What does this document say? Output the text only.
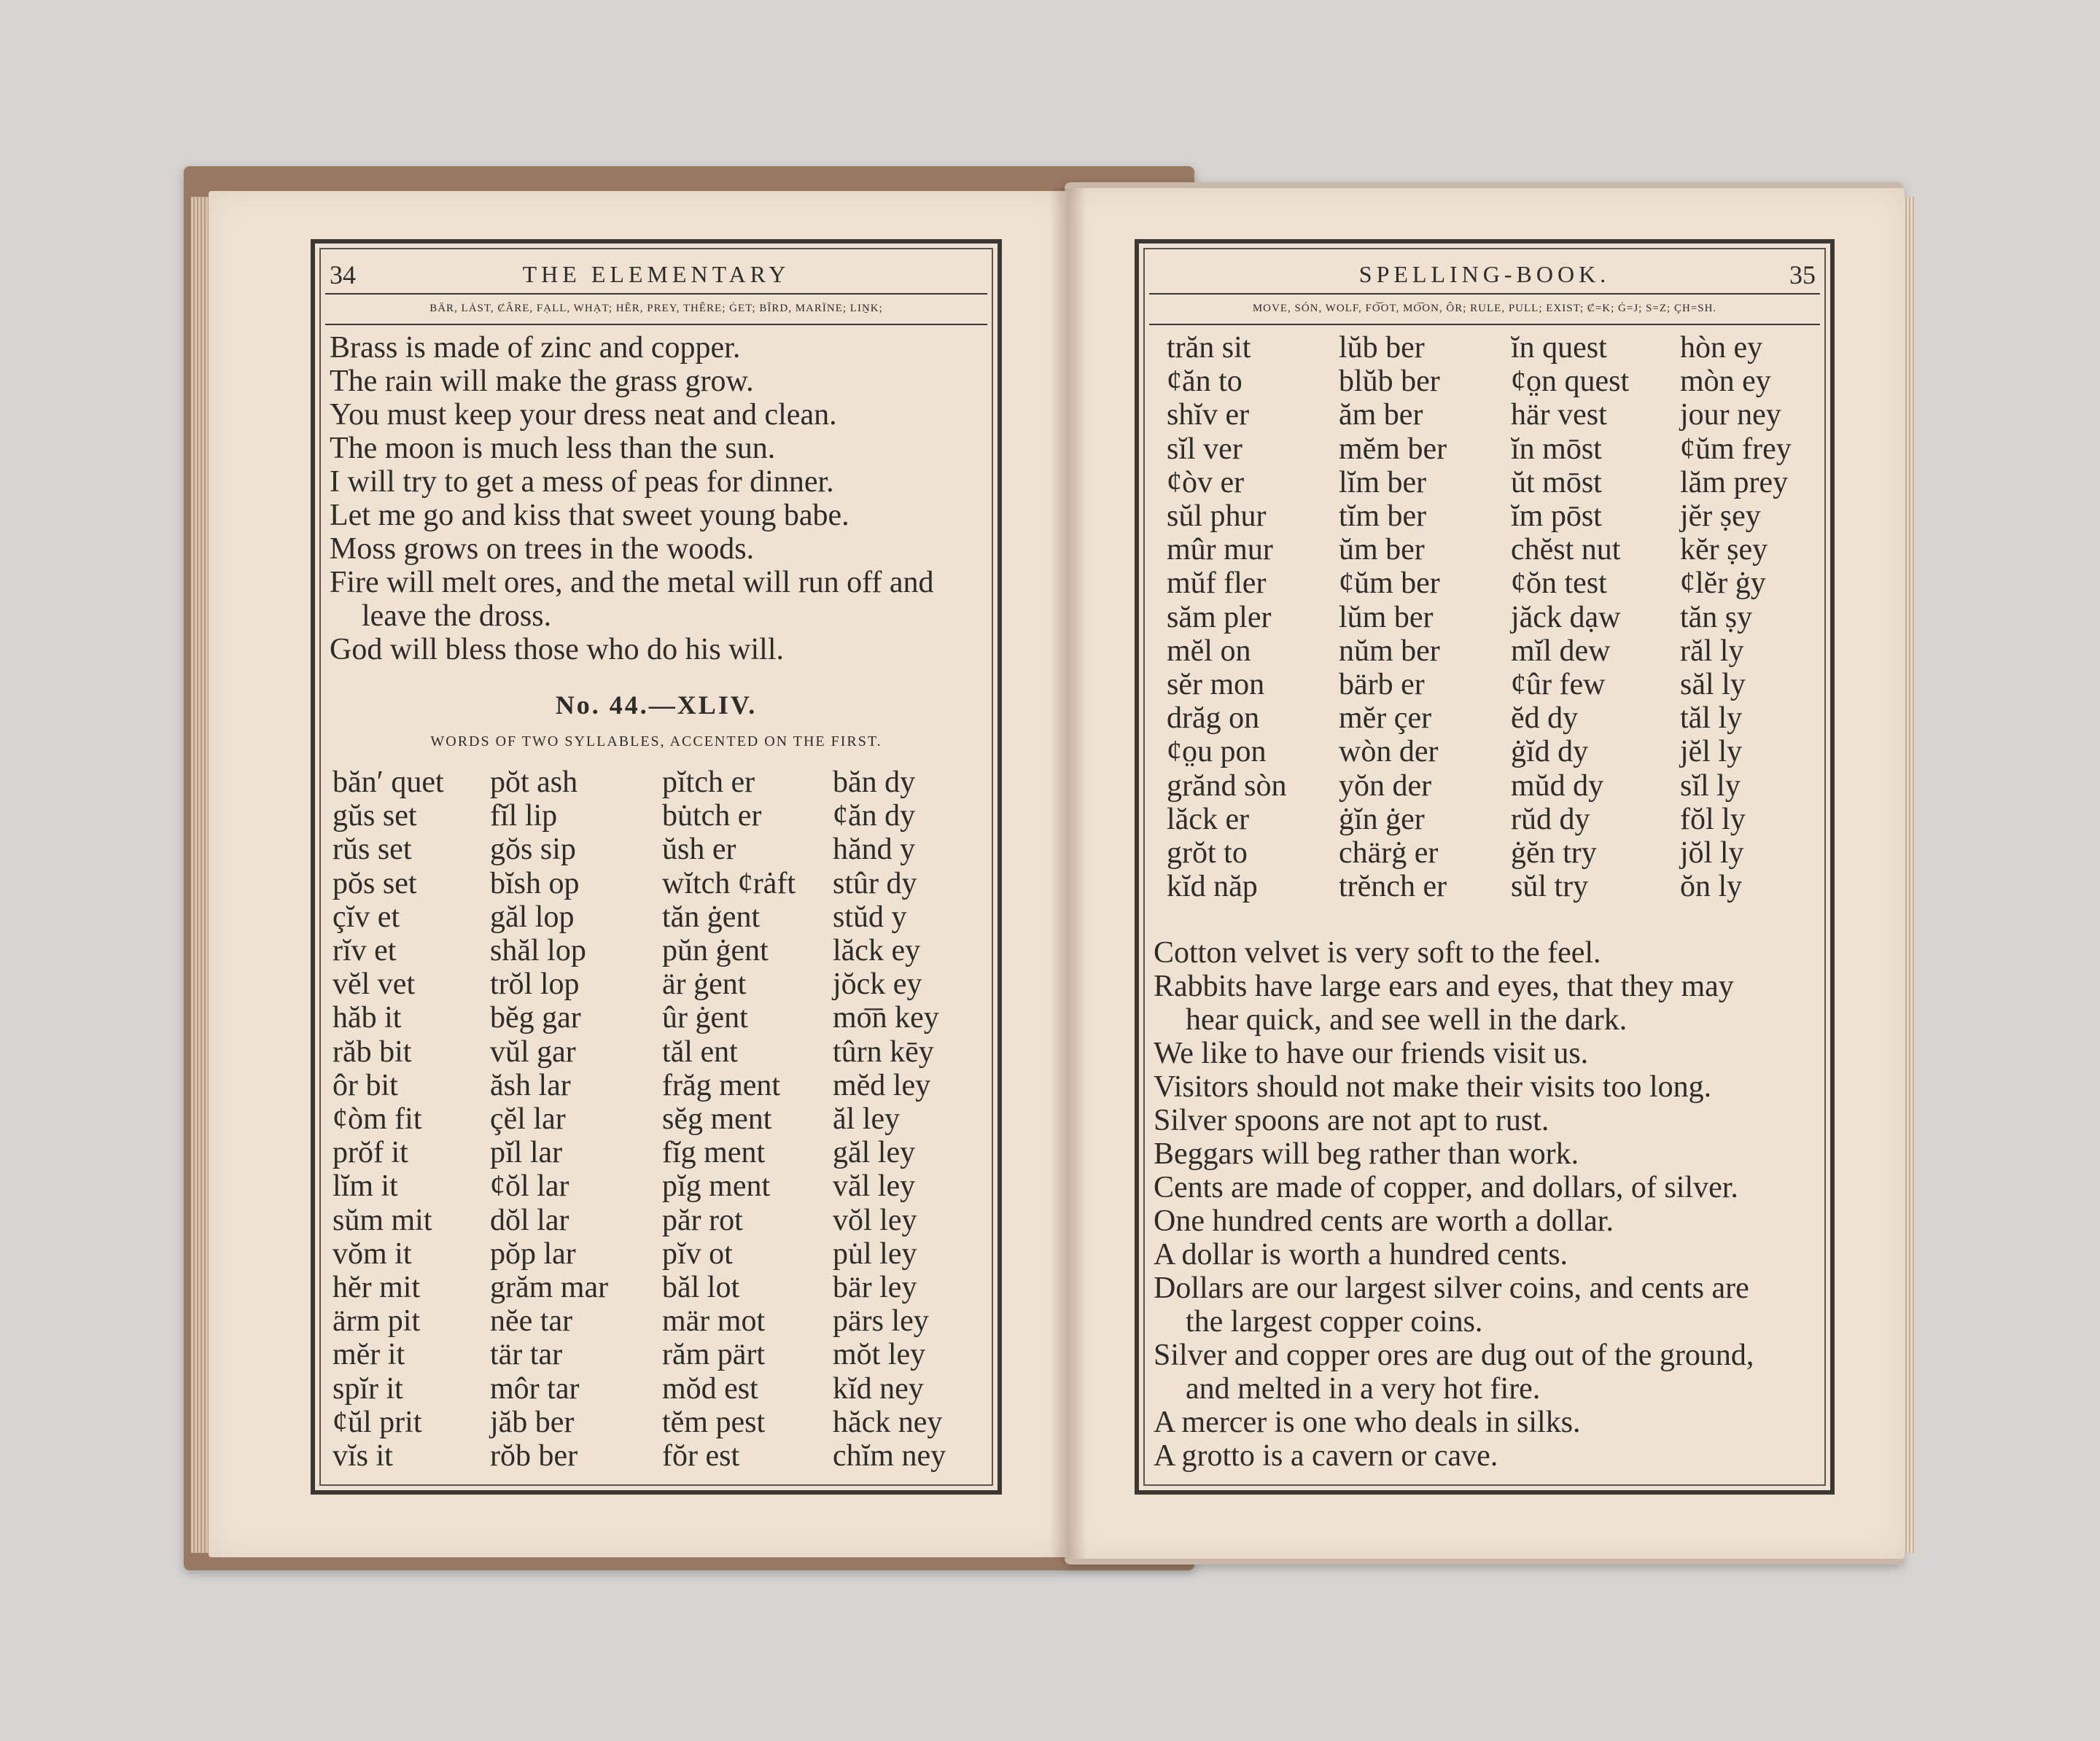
34	THE ELEMENTARY
BÄR, LȦST, ȻÂRE, FẠLL, WHẠT; HẼR, PREY, THÊRE; ĠET; BĨRD, MARÏNE; LIṈK;
Brass is made of zinc and copper.
The rain will make the grass grow.
You must keep your dress neat and clean.
The moon is much less than the sun.
I will try to get a mess of peas for dinner.
Let me go and kiss that sweet young babe.
Moss grows on trees in the woods.
Fire will melt ores, and the metal will run off and
leave the dross.
God will bless those who do his will.
No. 44.—XLIV.
WORDS OF TWO SYLLABLES, ACCENTED ON THE FIRST.
băn′ quet	pŏt ash	pĭtch er	băn dy
gŭs set	fĭl lip	bu̇tch er	ȼăn dy
rŭs set	gŏs sip	ŭsh er	hănd y
pŏs set	bĭsh op	wĭtch ȼrȧft	stûr dy
çĭv et	găl lop	tăn ġent	stŭd y
rĭv et	shăl lop	pŭn ġent	lăck ey
vĕl vet	trŏl lop	är ġent	jŏck ey
hăb it	bĕg gar	ûr ġent	mo͞n key
răb bit	vŭl gar	tăl ent	tûrn kēy
ôr bit	ăsh lar	frăg ment	mĕd ley
ȼòm fit	çĕl lar	sĕg ment	ăl ley
prŏf it	pĭl lar	fĭg ment	găl ley
lĭm it	ȼŏl lar	pĭg ment	văl ley
sŭm mit	dŏl lar	păr rot	vŏl ley
vŏm it	pŏp lar	pĭv ot	pu̇l ley
hĕr mit	grăm mar	băl lot	bär ley
ärm pit	nĕe tar	mär mot	pärs ley
mĕr it	tär tar	răm pärt	mŏt ley
spĭr it	môr tar	mŏd est	kĭd ney
ȼŭl prit	jăb ber	tĕm pest	hăck ney
vĭs it	rŏb ber	fŏr est	chĭm ney
SPELLING-BOOK.	35
MOVE, SÓN, WOLF, FO͝OT, MO͞ON, ÔR; RULE, PULL; EXIST; Ȼ=K; Ġ=J; S=Z; ÇH=SH.
trăn sit	lŭb ber	ĭn quest	hòn ey
ȼăn to	blŭb ber	ȼo̤n quest	mòn ey
shĭv er	ăm ber	här vest	jour ney
sĭl ver	mĕm ber	ĭn mōst	ȼŭm frey
ȼòv er	lĭm ber	ŭt mōst	lăm prey
sŭl phur	tĭm ber	ĭm pōst	jĕr ṣey
mûr mur	ŭm ber	chĕst nut	kĕr ṣey
mŭf fler	ȼŭm ber	ȼŏn test	ȼlĕr ġy
săm pler	lŭm ber	jăck dạw	tăn ṣy
mĕl on	nŭm ber	mĭl dew	răl ly
sĕr mon	bärb er	ȼûr few	săl ly
drăg on	mĕr çer	ĕd dy	tăl ly
ȼo̤u pon	wòn der	ġĭd dy	jĕl ly
grănd sòn	yŏn der	mŭd dy	sĭl ly
lăck er	ġĭn ġer	rŭd dy	fŏl ly
grŏt to	chärġ er	ġĕn try	jŏl ly
kĭd năp	trĕnch er	sŭl try	ŏn ly
Cotton velvet is very soft to the feel.
Rabbits have large ears and eyes, that they may
hear quick, and see well in the dark.
We like to have our friends visit us.
Visitors should not make their visits too long.
Silver spoons are not apt to rust.
Beggars will beg rather than work.
Cents are made of copper, and dollars, of silver.
One hundred cents are worth a dollar.
A dollar is worth a hundred cents.
Dollars are our largest silver coins, and cents are
the largest copper coins.
Silver and copper ores are dug out of the ground,
and melted in a very hot fire.
A mercer is one who deals in silks.
A grotto is a cavern or cave.
